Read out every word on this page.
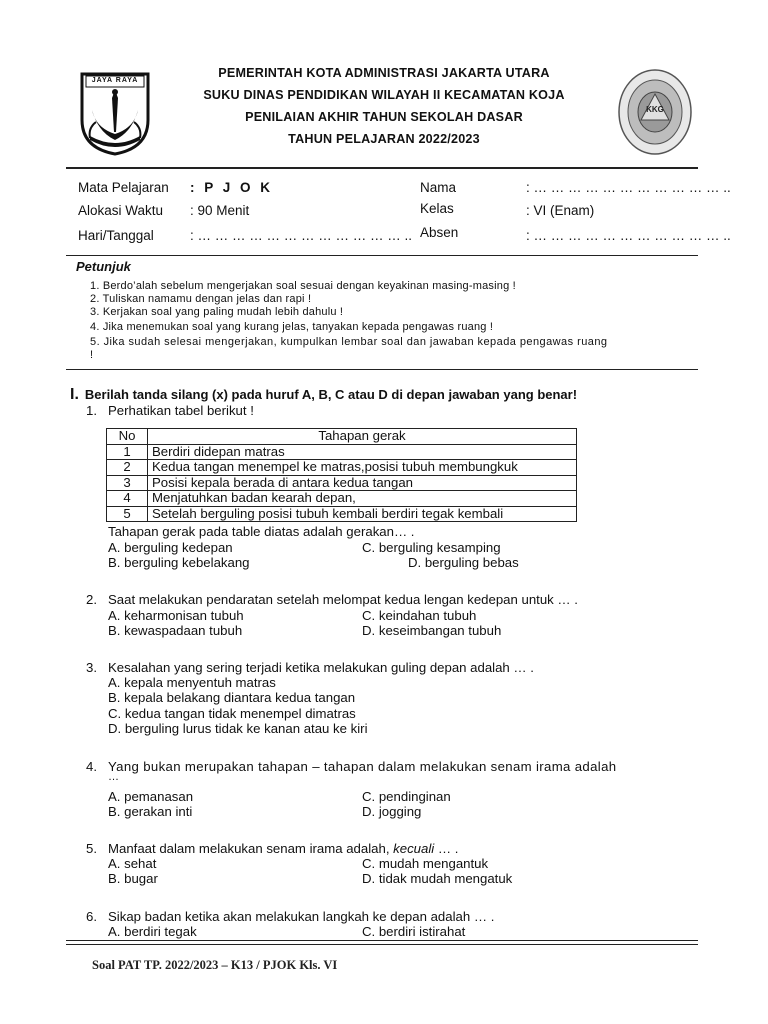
JAYA RAYA
KKG
PEMERINTAH KOTA ADMINISTRASI JAKARTA UTARA
SUKU DINAS PENDIDIKAN WILAYAH II KECAMATAN KOJA
PENILAIAN AKHIR TAHUN SEKOLAH DASAR
TAHUN PELAJARAN 2022/2023
Mata Pelajaran : P J O K
Alokasi Waktu : 90 Menit
Hari/Tanggal	: … … … … … … … … … … … … ..
Nama	: … … … … … … … … … … … ..
Kelas	: VI (Enam)
Absen	: … … … … … … … … … … … ..
Petunjuk
1. Berdo’alah sebelum mengerjakan soal sesuai dengan keyakinan masing-masing !
2. Tuliskan namamu dengan jelas dan rapi !
3. Kerjakan soal yang paling mudah lebih dahulu !
4. Jika menemukan soal yang kurang jelas, tanyakan kepada pengawas ruang !
5. Jika sudah selesai mengerjakan, kumpulkan lembar soal dan jawaban kepada pengawas ruang
!
I. Berilah tanda silang (x) pada huruf A, B, C atau D di depan jawaban yang benar!
1. Perhatikan tabel berikut !
No	Tahapan gerak
1	Berdiri didepan matras
2	Kedua tangan menempel ke matras,posisi tubuh membungkuk
3	Posisi kepala berada di antara kedua tangan
4	Menjatuhkan badan kearah depan,
5	Setelah berguling posisi tubuh kembali berdiri tegak kembali
Tahapan gerak pada table diatas adalah gerakan… .
A. berguling kedepan	C. berguling kesamping
B. berguling kebelakang	D. berguling bebas
2. Saat melakukan pendaratan setelah melompat kedua lengan kedepan untuk … .
A. keharmonisan tubuh	C. keindahan tubuh
B. kewaspadaan tubuh	D. keseimbangan tubuh
3. Kesalahan yang sering terjadi ketika melakukan guling depan adalah … .
A. kepala menyentuh matras
B. kepala belakang diantara kedua tangan
C. kedua tangan tidak menempel dimatras
D. berguling lurus tidak ke kanan atau ke kiri
4. Yang bukan merupakan tahapan – tahapan dalam melakukan senam irama adalah
…
A. pemanasan	C. pendinginan
B. gerakan inti	D. jogging
5. Manfaat dalam melakukan senam irama adalah, kecuali … .
A. sehat	C. mudah mengantuk
B. bugar	D. tidak mudah mengatuk
6. Sikap badan ketika akan melakukan langkah ke depan adalah … .
A. berdiri tegak	C. berdiri istirahat
Soal PAT TP. 2022/2023 – K13 / PJOK Kls. VI
